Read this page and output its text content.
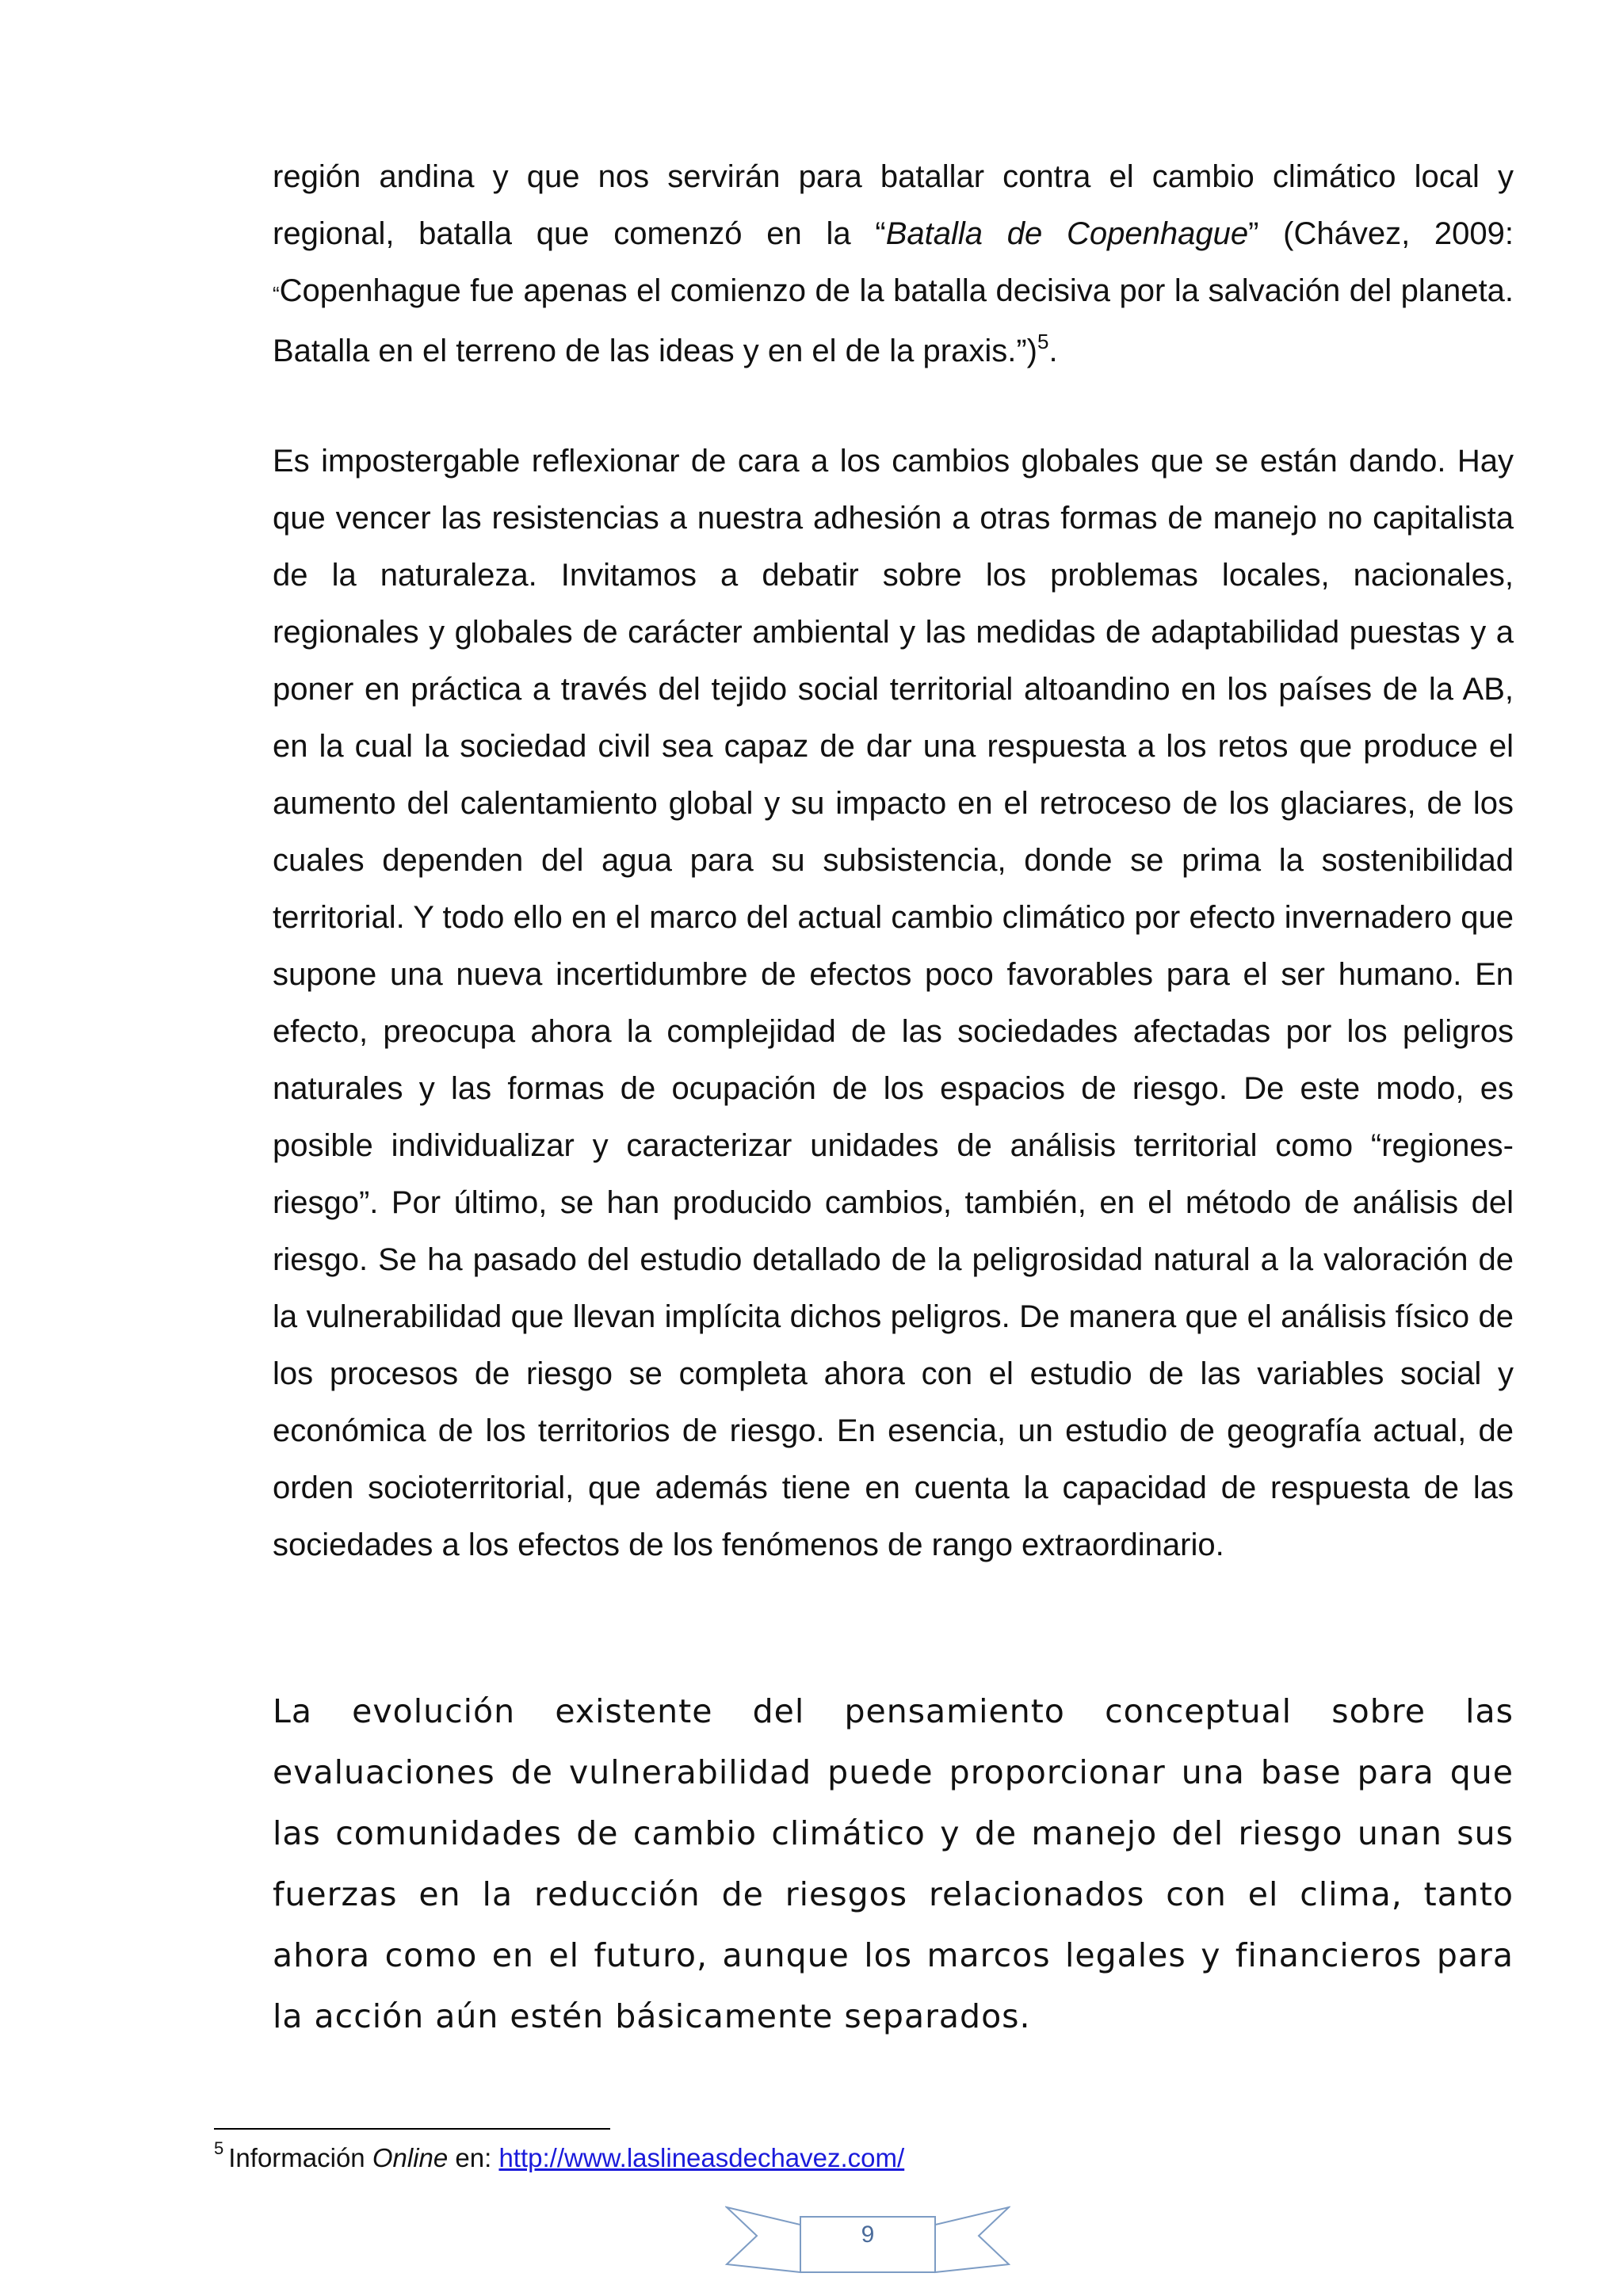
región andina y que nos servirán para batallar contra el cambio climático local y regional, batalla que comenzó en la “Batalla de Copenhague” (Chávez, 2009: “Copenhague fue apenas el comienzo de la batalla decisiva por la salvación del planeta. Batalla en el terreno de las ideas y en el de la praxis.”)$^5$.

Es impostergable reflexionar de cara a los cambios globales que se están dando. Hay que vencer las resistencias a nuestra adhesión a otras formas de manejo no capitalista de la naturaleza. Invitamos a debatir sobre los problemas locales, nacionales, regionales y globales de carácter ambiental y las medidas de adaptabilidad puestas y a poner en práctica a través del tejido social territorial altoandino en los países de la AB, en la cual la sociedad civil sea capaz de dar una respuesta a los retos que produce el aumento del calentamiento global y su impacto en el retroceso de los glaciares, de los cuales dependen del agua para su subsistencia, donde se prima la sostenibilidad territorial. Y todo ello en el marco del actual cambio climático por efecto invernadero que supone una nueva incertidumbre de efectos poco favorables para el ser humano. En efecto, preocupa ahora la complejidad de las sociedades afectadas por los peligros naturales y las formas de ocupación de los espacios de riesgo. De este modo, es posible individualizar y caracterizar unidades de análisis territorial como “regiones-riesgo”. Por último, se han producido cambios, también, en el método de análisis del riesgo. Se ha pasado del estudio detallado de la peligrosidad natural a la valoración de la vulnerabilidad que llevan implícita dichos peligros. De manera que el análisis físico de los procesos de riesgo se completa ahora con el estudio de las variables social y económica de los territorios de riesgo. En esencia, un estudio de geografía actual, de orden socioterritorial, que además tiene en cuenta la capacidad de respuesta de las sociedades a los efectos de los fenómenos de rango extraordinario.

La evolución existente del pensamiento conceptual sobre las evaluaciones de vulnerabilidad puede proporcionar una base para que las comunidades de cambio climático y de manejo del riesgo unan sus fuerzas en la reducción de riesgos relacionados con el clima, tanto ahora como en el futuro, aunque los marcos legales y financieros para la acción aún estén básicamente separados.

$^5$ Información Online en: http://www.laslineasdechavez.com/
9
